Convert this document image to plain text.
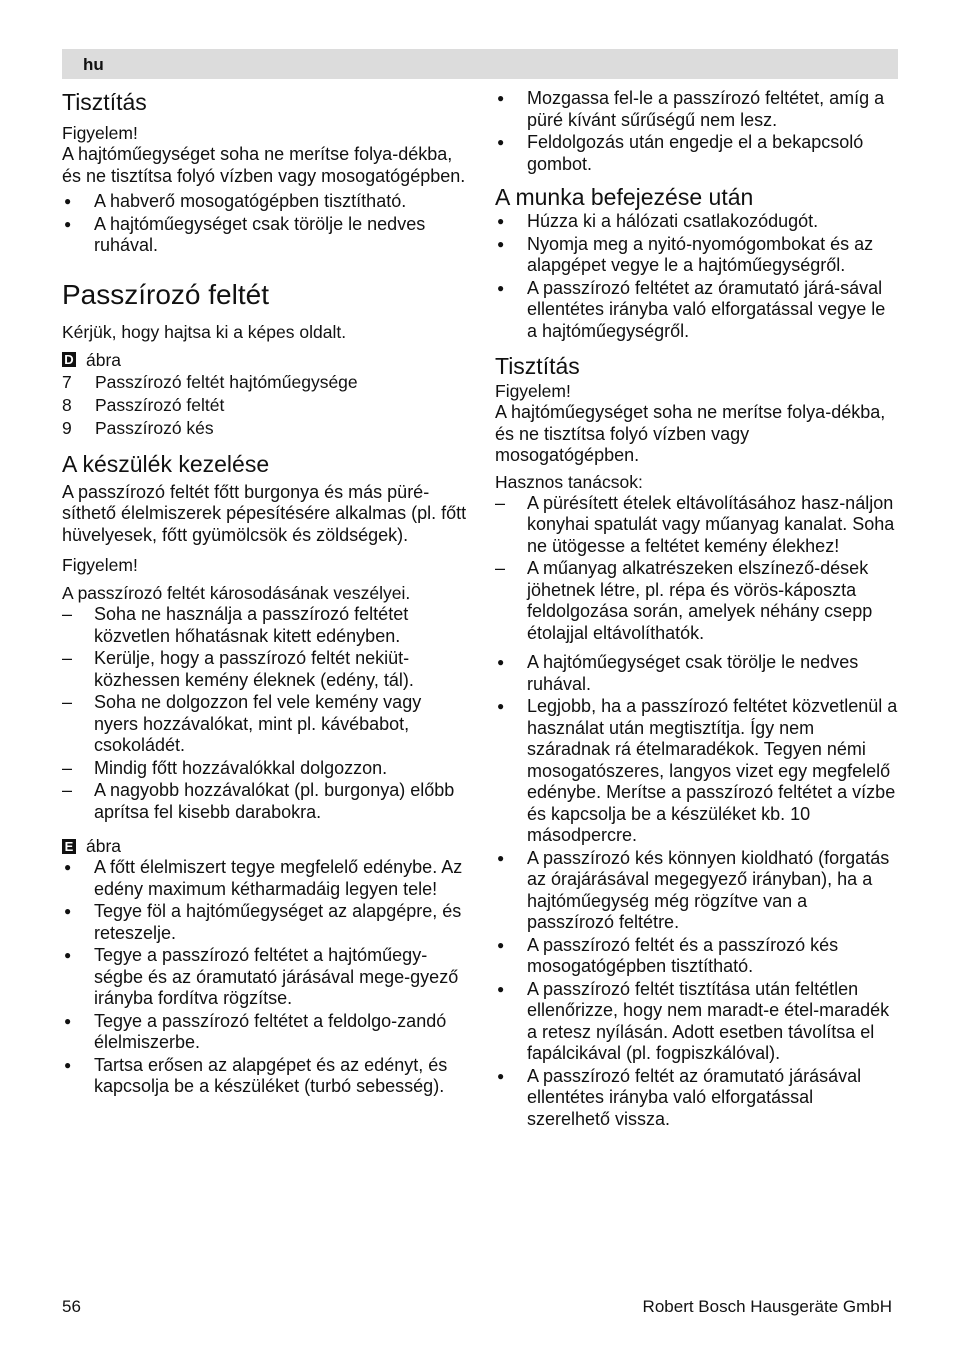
hu

Tisztítás

Figyelem!

A hajtóműegységet soha ne merítse folya-dékba, és ne tisztítsa folyó vízben vagy mosogatógépben.

● A habverő mosogatógépben tisztítható.
● A hajtóműegységet csak törölje le nedves ruhával.

Passzírozó feltét

Kérjük, hogy hajtsa ki a képes oldalt.

D ábra
7 Passzírozó feltét hajtóműegysége
8 Passzírozó feltét
9 Passzírozó kés

A készülék kezelése

A passzírozó feltét főtt burgonya és más püré-síthető élelmiszerek pépesítésére alkalmas (pl. főtt hüvelyesek, főtt gyümölcsök és zöldségek).

Figyelem!

A passzírozó feltét károsodásának veszélyei.

– Soha ne használja a passzírozó feltétet közvetlen hőhatásnak kitett edényben.
– Kerülje, hogy a passzírozó feltét nekiüt-közhessen kemény éleknek (edény, tál).
– Soha ne dolgozzon fel vele kemény vagy nyers hozzávalókat, mint pl. kávébabot, csokoládét.
– Mindig főtt hozzávalókkal dolgozzon.
– A nagyobb hozzávalókat (pl. burgonya) előbb aprítsa fel kisebb darabokra.
E ábra
● A főtt élelmiszert tegye megfelelő edénybe. Az edény maximum kétharmadáig legyen tele!
● Tegye föl a hajtóműegységet az alapgépre, és reteszelje.
● Tegye a passzírozó feltétet a hajtóműegy-ségbe és az óramutató járásával mege-gyező irányba fordítva rögzítse.
● Tegye a passzírozó feltétet a feldolgo-zandó élelmiszerbe.
● Tartsa erősen az alapgépet és az edényt, és kapcsolja be a készüléket (turbó sebesség).
● Mozgassa fel-le a passzírozó feltétet, amíg a püré kívánt sűrűségű nem lesz.
● Feldolgozás után engedje el a bekapcsoló gombot.

A munka befejezése után

● Húzza ki a hálózati csatlakozódugót.
● Nyomja meg a nyitó-nyomógombokat és az alapgépet vegye le a hajtóműegységről.
● A passzírozó feltétet az óramutató járá-sával ellentétes irányba való elforgatással vegye le a hajtóműegységről.

Tisztítás

Figyelem!

A hajtóműegységet soha ne merítse folya-dékba, és ne tisztítsa folyó vízben vagy mosogatógépben.

Hasznos tanácsok:

– A pürésített ételek eltávolításához hasz-náljon konyhai spatulát vagy műanyag kanalat. Soha ne ütögesse a feltétet kemény élekhez!
– A műanyag alkatrészeken elszínező-dések jöhetnek létre, pl. répa és vörös-káposzta feldolgozása során, amelyek néhány csepp étolajjal eltávolíthatók.
● A hajtóműegységet csak törölje le nedves ruhával.
● Legjobb, ha a passzírozó feltétet közvetlenül a használat után megtisztítja. Így nem száradnak rá ételmaradékok. Tegyen némi mosogatószeres, langyos vizet egy megfelelő edénybe. Merítse a passzírozó feltétet a vízbe és kapcsolja be a készüléket kb. 10 másodpercre.
● A passzírozó kés könnyen kioldható (forgatás az órajárásával megegyező irányban), ha a hajtóműegység még rögzítve van a passzírozó feltétre.
● A passzírozó feltét és a passzírozó kés mosogatógépben tisztítható.
● A passzírozó feltét tisztítása után feltétlen ellenőrizze, hogy nem maradt-e étel-maradék a retesz nyílásán. Adott esetben távolítsa el fapálcikával (pl. fogpiszkálóval).
● A passzírozó feltét az óramutató járásával ellentétes irányba való elforgatással szerelhető vissza.
56	Robert Bosch Hausgeräte GmbH
